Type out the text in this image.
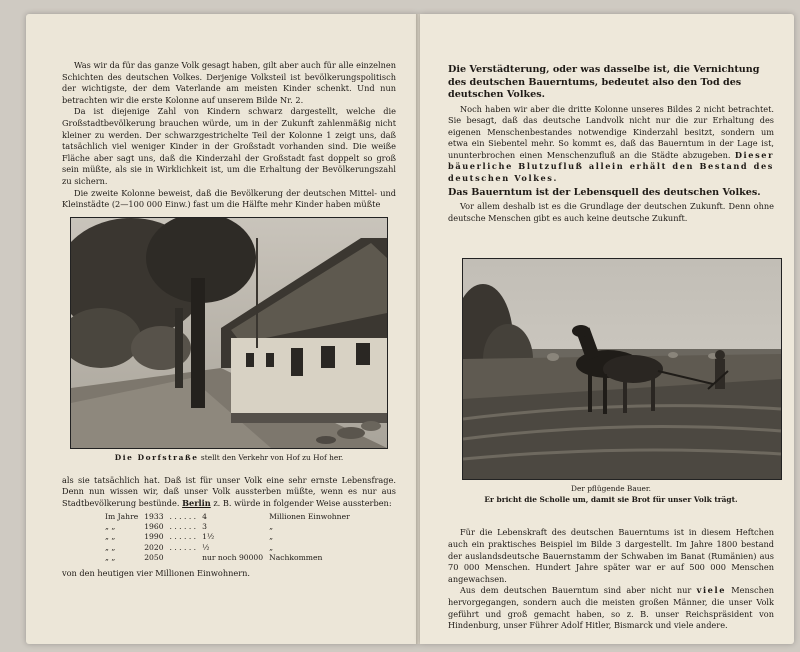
Was wir da für das ganze Volk gesagt haben, gilt aber auch für alle einzelnen Schichten des deutschen Volkes. Derjenige Volksteil ist bevölkerungspolitisch der wichtigste, der dem Vaterlande am meisten Kinder schenkt. Und nun betrachten wir die erste Kolonne auf unserem Bilde Nr. 2.

Da ist diejenige Zahl von Kindern schwarz dargestellt, welche die Großstadtbevölkerung brauchen würde, um in der Zukunft zahlenmäßig nicht kleiner zu werden. Der schwarzgestrichelte Teil der Kolonne 1 zeigt uns, daß tatsächlich viel weniger Kinder in der Großstadt vorhanden sind. Die weiße Fläche aber sagt uns, daß die Kinderzahl der Großstadt fast doppelt so groß sein müßte, als sie in Wirklichkeit ist, um die Erhaltung der Bevölkerungszahl zu sichern.

Die zweite Kolonne beweist, daß die Bevölkerung der deutschen Mittel- und Kleinstädte (2—100 000 Einw.) fast um die Hälfte mehr Kinder haben müßte

Die Dorfstraße stellt den Verkehr von Hof zu Hof her.

als sie tatsächlich hat. Daß ist für unser Volk eine sehr ernste Lebensfrage. Denn nun wissen wir, daß unser Volk aussterben müßte, wenn es nur aus Stadtbevölkerung bestünde. Berlin z. B. würde in folgender Weise aussterben:

Im Jahre	1933	. . . . . .	4	Millionen Einwohner
„ „	1960	. . . . . .	3	„
„ „	1990	. . . . . .	1½	„
„ „	2020	. . . . . .	½	„
„ „	2050		nur noch 90000	Nachkommen

von den heutigen vier Millionen Einwohnern.

Die Verstädterung, oder was dasselbe ist, die Vernichtung des deutschen Bauerntums, bedeutet also den Tod des deutschen Volkes.

Noch haben wir aber die dritte Kolonne unseres Bildes 2 nicht betrachtet. Sie besagt, daß das deutsche Landvolk nicht nur die zur Erhaltung des eigenen Menschenbestandes notwendige Kinderzahl besitzt, sondern um etwa ein Siebentel mehr. So kommt es, daß das Bauerntum in der Lage ist, ununterbrochen einen Menschenzufluß an die Städte abzugeben. Dieser bäuerliche Blutzufluß allein erhält den Bestand des deutschen Volkes.

Das Bauerntum ist der Lebensquell des deutschen Volkes.

Vor allem deshalb ist es die Grundlage der deutschen Zukunft. Denn ohne deutsche Menschen gibt es auch keine deutsche Zukunft.

Der pflügende Bauer.
Er bricht die Scholle um, damit sie Brot für unser Volk trägt.

Für die Lebenskraft des deutschen Bauerntums ist in diesem Heftchen auch ein praktisches Beispiel im Bilde 3 dargestellt. Im Jahre 1800 bestand der auslandsdeutsche Bauernstamm der Schwaben im Banat (Rumänien) aus 70 000 Menschen. Hundert Jahre später war er auf 500 000 Menschen angewachsen.

Aus dem deutschen Bauerntum sind aber nicht nur viele Menschen hervorgegangen, sondern auch die meisten großen Männer, die unser Volk geführt und groß gemacht haben, so z. B. unser Reichspräsident von Hindenburg, unser Führer Adolf Hitler, Bismarck und viele andere.
